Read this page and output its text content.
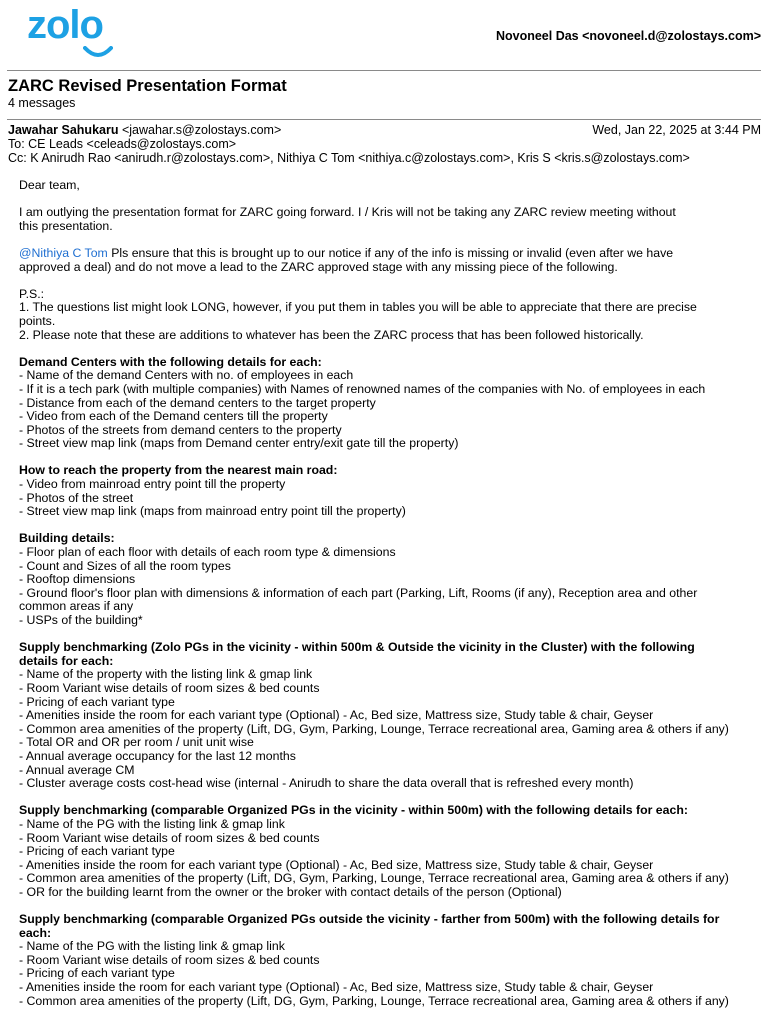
zolo	Novoneel Das <novoneel.d@zolostays.com>
ZARC Revised Presentation Format
4 messages
Jawahar Sahukaru <jawahar.s@zolostays.com>	Wed, Jan 22, 2025 at 3:44 PM
To: CE Leads <celeads@zolostays.com>
Cc: K Anirudh Rao <anirudh.r@zolostays.com>, Nithiya C Tom <nithiya.c@zolostays.com>, Kris S <kris.s@zolostays.com>
Dear team,
I am outlying the presentation format for ZARC going forward. I / Kris will not be taking any ZARC review meeting without
this presentation.
@Nithiya C Tom Pls ensure that this is brought up to our notice if any of the info is missing or invalid (even after we have
approved a deal) and do not move a lead to the ZARC approved stage with any missing piece of the following.
P.S.:
1. The questions list might look LONG, however, if you put them in tables you will be able to appreciate that there are precise
points.
2. Please note that these are additions to whatever has been the ZARC process that has been followed historically.
Demand Centers with the following details for each:
- Name of the demand Centers with no. of employees in each
- If it is a tech park (with multiple companies) with Names of renowned names of the companies with No. of employees in each
- Distance from each of the demand centers to the target property
- Video from each of the Demand centers till the property
- Photos of the streets from demand centers to the property
- Street view map link (maps from Demand center entry/exit gate till the property)
How to reach the property from the nearest main road:
- Video from mainroad entry point till the property
- Photos of the street
- Street view map link (maps from mainroad entry point till the property)
Building details:
- Floor plan of each floor with details of each room type & dimensions
- Count and Sizes of all the room types
- Rooftop dimensions
- Ground floor's floor plan with dimensions & information of each part (Parking, Lift, Rooms (if any), Reception area and other
common areas if any
- USPs of the building*
Supply benchmarking (Zolo PGs in the vicinity - within 500m & Outside the vicinity in the Cluster) with the following
details for each:
- Name of the property with the listing link & gmap link
- Room Variant wise details of room sizes & bed counts
- Pricing of each variant type
- Amenities inside the room for each variant type (Optional) - Ac, Bed size, Mattress size, Study table & chair, Geyser
- Common area amenities of the property (Lift, DG, Gym, Parking, Lounge, Terrace recreational area, Gaming area & others if any)
- Total OR and OR per room / unit unit wise
- Annual average occupancy for the last 12 months
- Annual average CM
- Cluster average costs cost-head wise (internal - Anirudh to share the data overall that is refreshed every month)
Supply benchmarking (comparable Organized PGs in the vicinity - within 500m) with the following details for each:
- Name of the PG with the listing link & gmap link
- Room Variant wise details of room sizes & bed counts
- Pricing of each variant type
- Amenities inside the room for each variant type (Optional) - Ac, Bed size, Mattress size, Study table & chair, Geyser
- Common area amenities of the property (Lift, DG, Gym, Parking, Lounge, Terrace recreational area, Gaming area & others if any)
- OR for the building learnt from the owner or the broker with contact details of the person (Optional)
Supply benchmarking (comparable Organized PGs outside the vicinity - farther from 500m) with the following details for
each:
- Name of the PG with the listing link & gmap link
- Room Variant wise details of room sizes & bed counts
- Pricing of each variant type
- Amenities inside the room for each variant type (Optional) - Ac, Bed size, Mattress size, Study table & chair, Geyser
- Common area amenities of the property (Lift, DG, Gym, Parking, Lounge, Terrace recreational area, Gaming area & others if any)
